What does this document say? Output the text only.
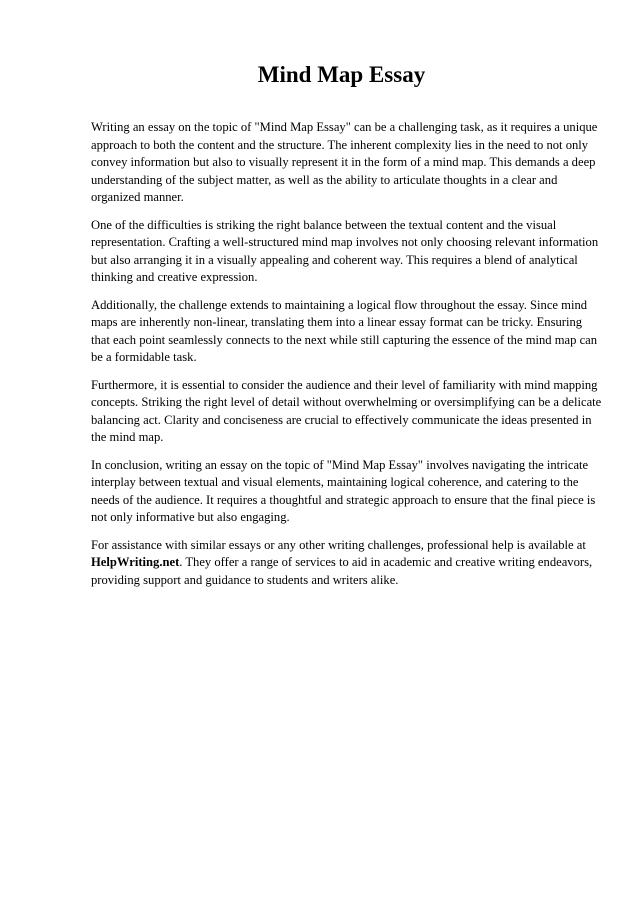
Mind Map Essay

Writing an essay on the topic of "Mind Map Essay" can be a challenging task, as it requires a unique approach to both the content and the structure. The inherent complexity lies in the need to not only convey information but also to visually represent it in the form of a mind map. This demands a deep understanding of the subject matter, as well as the ability to articulate thoughts in a clear and organized manner.

One of the difficulties is striking the right balance between the textual content and the visual representation. Crafting a well-structured mind map involves not only choosing relevant information but also arranging it in a visually appealing and coherent way. This requires a blend of analytical thinking and creative expression.

Additionally, the challenge extends to maintaining a logical flow throughout the essay. Since mind maps are inherently non-linear, translating them into a linear essay format can be tricky. Ensuring that each point seamlessly connects to the next while still capturing the essence of the mind map can be a formidable task.

Furthermore, it is essential to consider the audience and their level of familiarity with mind mapping concepts. Striking the right level of detail without overwhelming or oversimplifying can be a delicate balancing act. Clarity and conciseness are crucial to effectively communicate the ideas presented in the mind map.

In conclusion, writing an essay on the topic of "Mind Map Essay" involves navigating the intricate interplay between textual and visual elements, maintaining logical coherence, and catering to the needs of the audience. It requires a thoughtful and strategic approach to ensure that the final piece is not only informative but also engaging.

For assistance with similar essays or any other writing challenges, professional help is available at HelpWriting.net. They offer a range of services to aid in academic and creative writing endeavors, providing support and guidance to students and writers alike.
